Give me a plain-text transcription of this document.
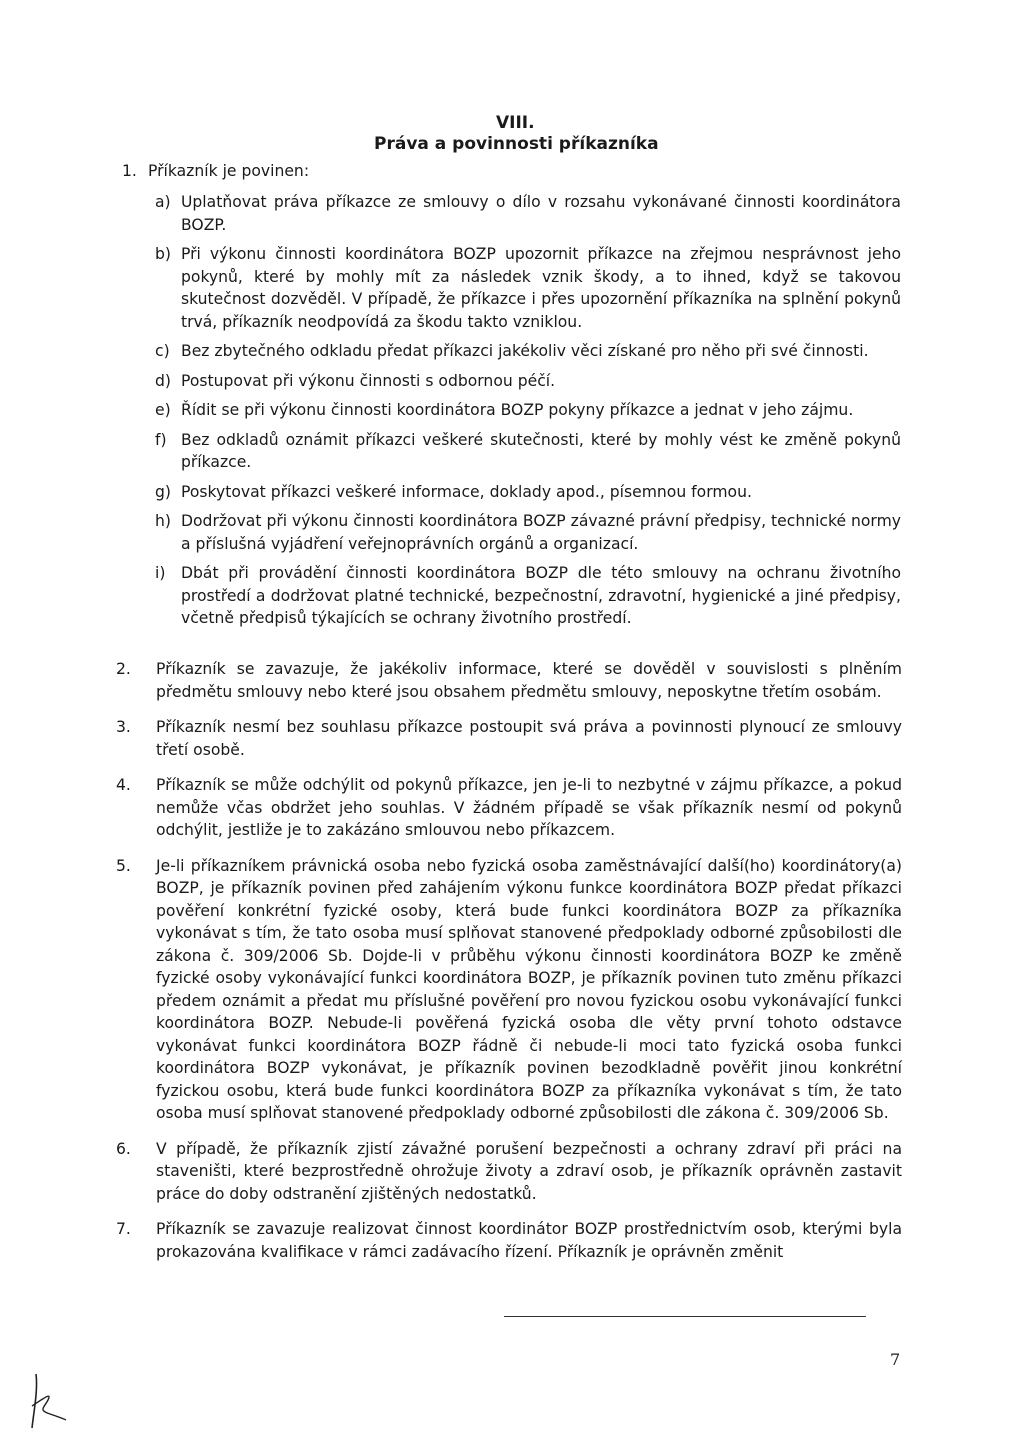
VIII.
Práva a povinnosti příkazníka
1. Příkazník je povinen:
a) Uplatňovat práva příkazce ze smlouvy o dílo v rozsahu vykonávané činnosti koordinátora BOZP.
b) Při výkonu činnosti koordinátora BOZP upozornit příkazce na zřejmou nesprávnost jeho pokynů, které by mohly mít za následek vznik škody, a to ihned, když se takovou skutečnost dozvěděl. V případě, že příkazce i přes upozornění příkazníka na splnění pokynů trvá, příkazník neodpovídá za škodu takto vzniklou.
c) Bez zbytečného odkladu předat příkazci jakékoliv věci získané pro něho při své činnosti.
d) Postupovat při výkonu činnosti s odbornou péčí.
e) Řídit se při výkonu činnosti koordinátora BOZP pokyny příkazce a jednat v jeho zájmu.
f) Bez odkladů oznámit příkazci veškeré skutečnosti, které by mohly vést ke změně pokynů příkazce.
g) Poskytovat příkazci veškeré informace, doklady apod., písemnou formou.
h) Dodržovat při výkonu činnosti koordinátora BOZP závazné právní předpisy, technické normy a příslušná vyjádření veřejnoprávních orgánů a organizací.
i) Dbát při provádění činnosti koordinátora BOZP dle této smlouvy na ochranu životního prostředí a dodržovat platné technické, bezpečnostní, zdravotní, hygienické a jiné předpisy, včetně předpisů týkajících se ochrany životního prostředí.
2.	Příkazník se zavazuje, že jakékoliv informace, které se dověděl v souvislosti s plněním předmětu smlouvy nebo které jsou obsahem předmětu smlouvy, neposkytne třetím osobám.
3.	Příkazník nesmí bez souhlasu příkazce postoupit svá práva a povinnosti plynoucí ze smlouvy třetí osobě.
4.	Příkazník se může odchýlit od pokynů příkazce, jen je-li to nezbytné v zájmu příkazce, a pokud nemůže včas obdržet jeho souhlas. V žádném případě se však příkazník nesmí od pokynů odchýlit, jestliže je to zakázáno smlouvou nebo příkazcem.
5.	Je-li příkazníkem právnická osoba nebo fyzická osoba zaměstnávající další(ho) koordinátory(a) BOZP, je příkazník povinen před zahájením výkonu funkce koordinátora BOZP předat příkazci pověření konkrétní fyzické osoby, která bude funkci koordinátora BOZP za příkazníka vykonávat s tím, že tato osoba musí splňovat stanovené předpoklady odborné způsobilosti dle zákona č. 309/2006 Sb. Dojde-li v průběhu výkonu činnosti koordinátora BOZP ke změně fyzické osoby vykonávající funkci koordinátora BOZP, je příkazník povinen tuto změnu příkazci předem oznámit a předat mu příslušné pověření pro novou fyzickou osobu vykonávající funkci koordinátora BOZP. Nebude-li pověřená fyzická osoba dle věty první tohoto odstavce vykonávat funkci koordinátora BOZP řádně či nebude-li moci tato fyzická osoba funkci koordinátora BOZP vykonávat, je příkazník povinen bezodkladně pověřit jinou konkrétní fyzickou osobu, která bude funkci koordinátora BOZP za příkazníka vykonávat s tím, že tato osoba musí splňovat stanovené předpoklady odborné způsobilosti dle zákona č. 309/2006 Sb.
6.	V případě, že příkazník zjistí závažné porušení bezpečnosti a ochrany zdraví při práci na staveništi, které bezprostředně ohrožuje životy a zdraví osob, je příkazník oprávněn zastavit práce do doby odstranění zjištěných nedostatků.
7.	Příkazník se zavazuje realizovat činnost koordinátor BOZP prostřednictvím osob, kterými byla prokazována kvalifikace v rámci zadávacího řízení. Příkazník je oprávněn změnit
7
